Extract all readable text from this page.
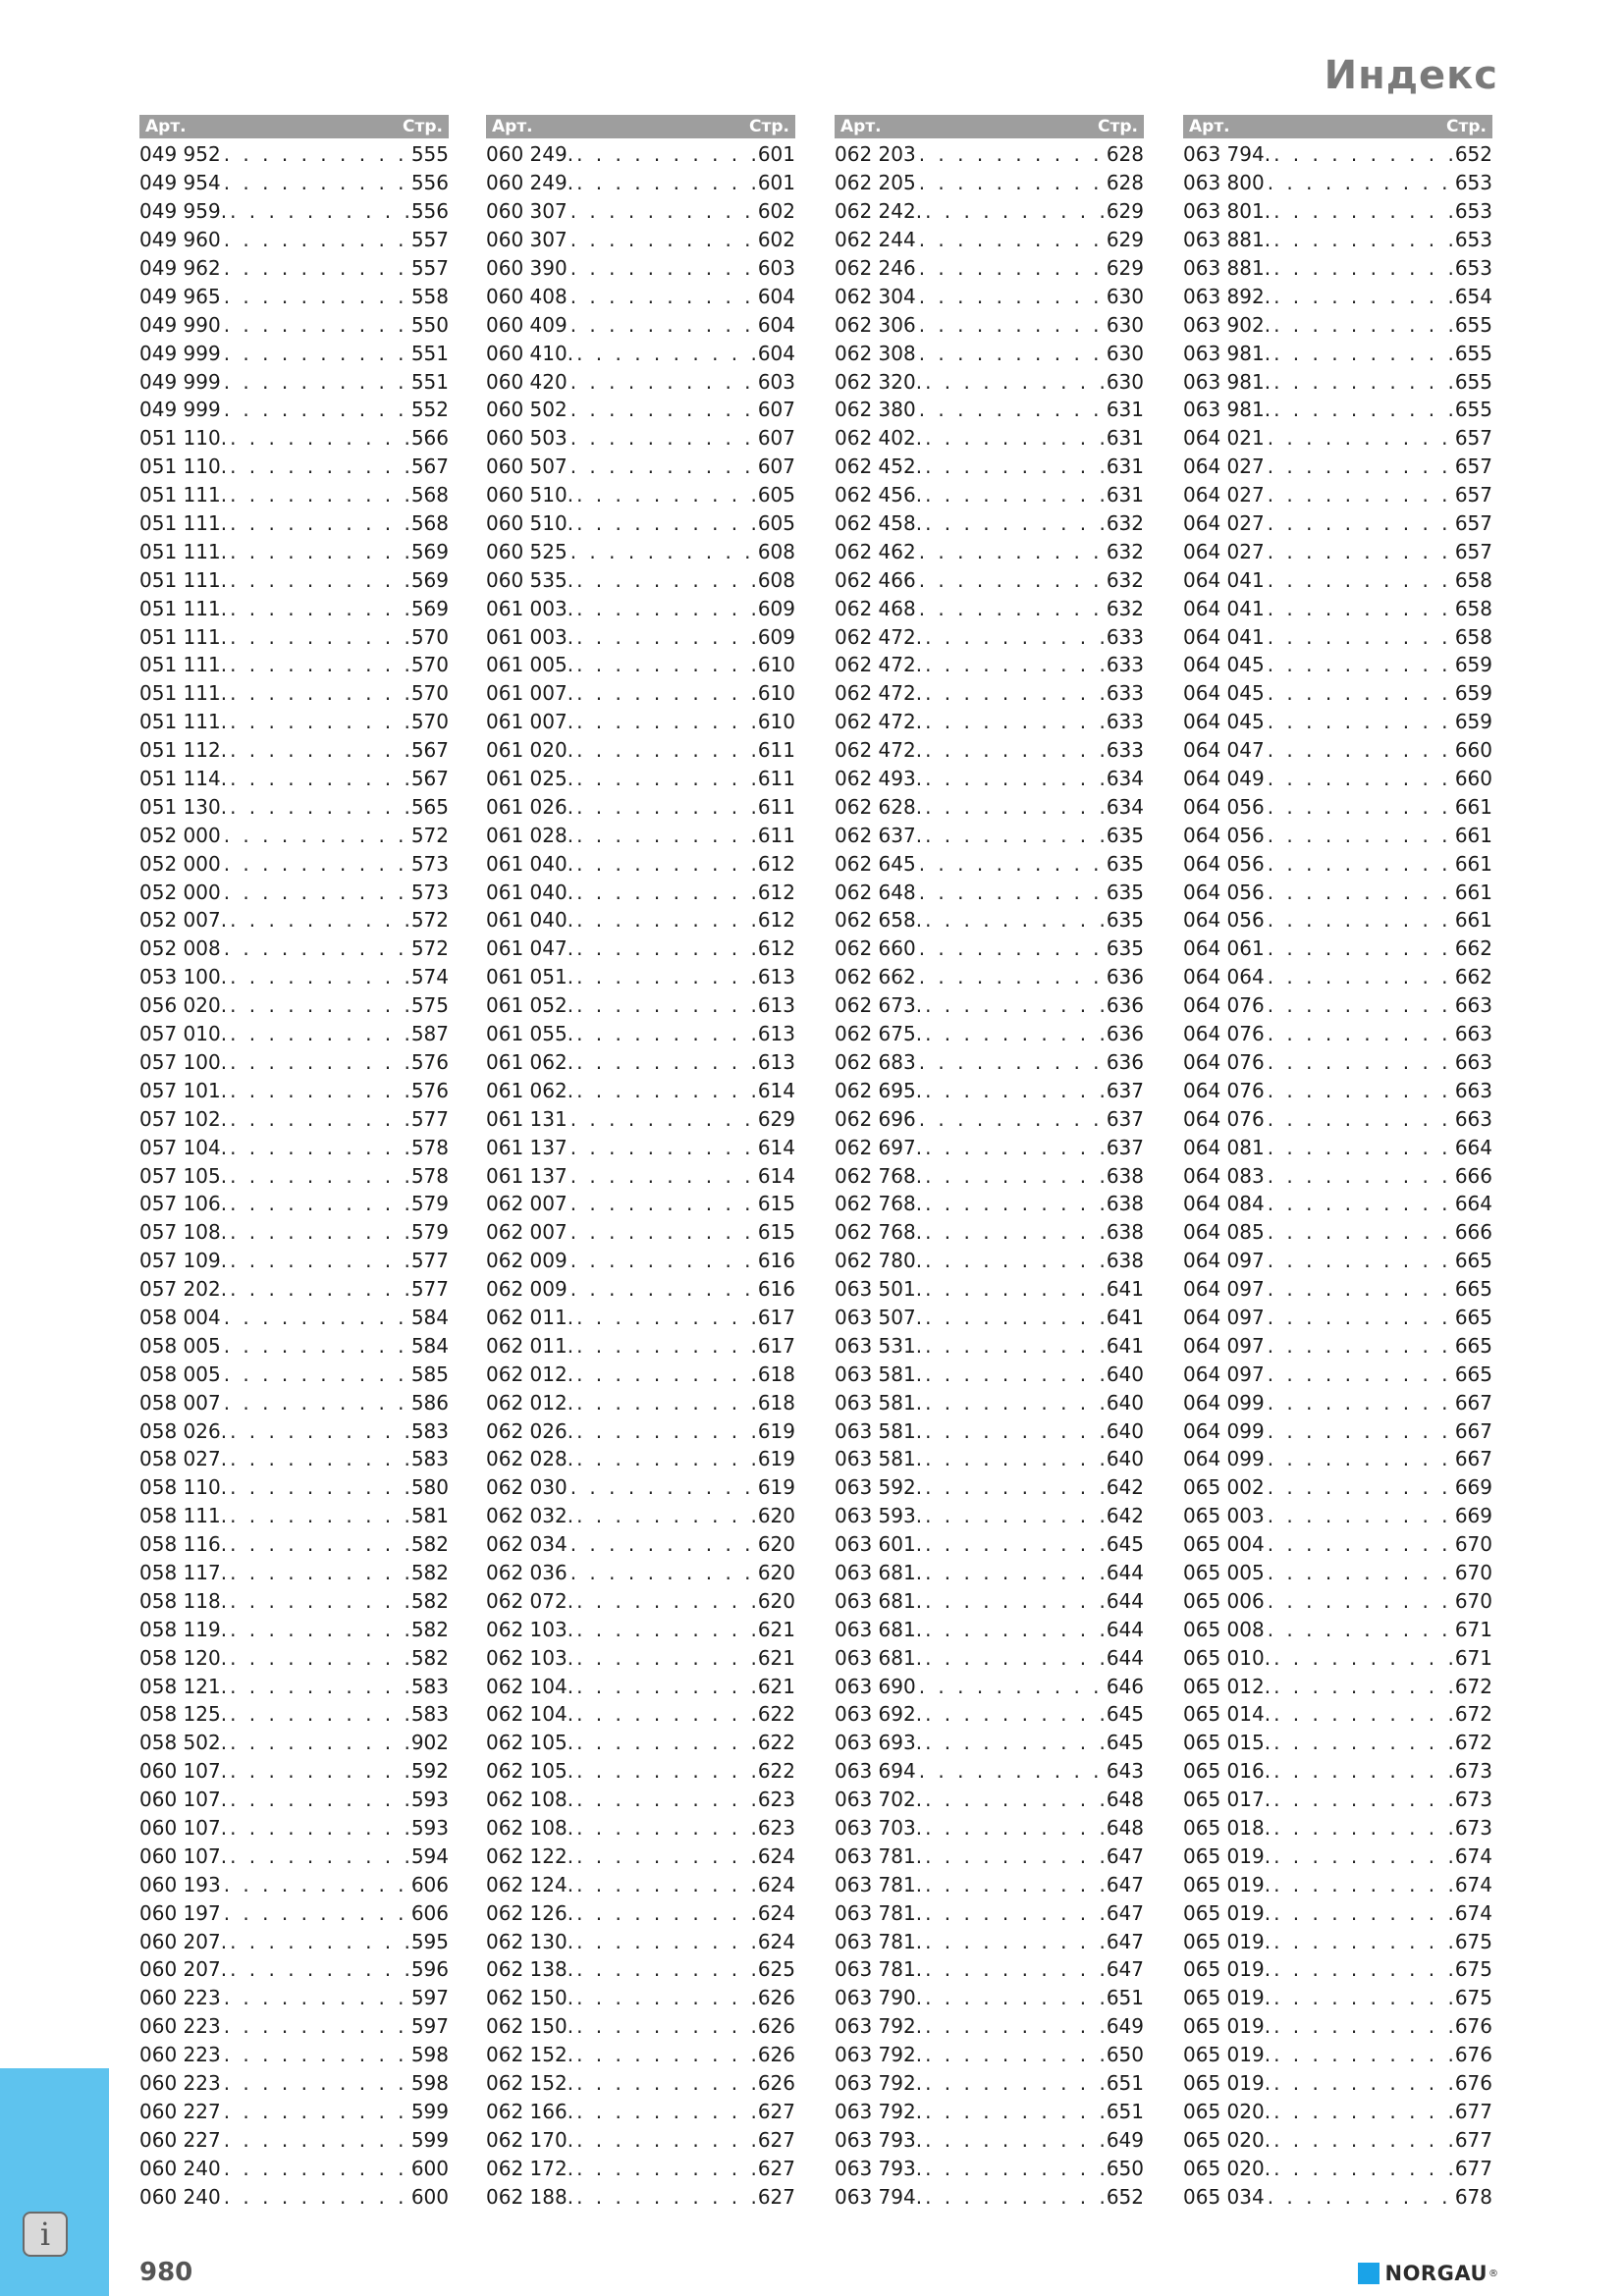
Индекс
Арт.	Стр.
049 952 . . .	555
049 954 . . .	556
049 959. . . .	556
049 960 . . .	557
049 962 . . .	557
049 965 . . .	558
049 990 . . .	550
049 999 . . .	551
049 999 . . .	551
049 999 . . .	552
051 110. . . .	566
051 110. . . .	567
051 111. . . .	568
051 111. . . .	568
051 111. . . .	569
051 111. . . .	569
051 111. . . .	569
051 111. . . .	570
051 111. . . .	570
051 111. . . .	570
051 111. . . .	570
051 112. . . .	567
051 114. . . .	567
051 130. . . .	565
052 000 . . .	572
052 000 . . .	573
052 000 . . .	573
052 007. . . .	572
052 008 . . .	572
053 100. . . .	574
056 020. . . .	575
057 010. . . .	587
057 100. . . .	576
057 101. . . .	576
057 102. . . .	577
057 104. . . .	578
057 105. . . .	578
057 106. . . .	579
057 108. . . .	579
057 109. . . .	577
057 202. . . .	577
058 004 . . .	584
058 005 . . .	584
058 005 . . .	585
058 007 . . .	586
058 026. . . .	583
058 027. . . .	583
058 110. . . .	580
058 111. . . .	581
058 116. . . .	582
058 117. . . .	582
058 118. . . .	582
058 119. . . .	582
058 120. . . .	582
058 121. . . .	583
058 125. . . .	583
058 502. . . .	902
060 107. . . .	592
060 107. . . .	593
060 107. . . .	593
060 107. . . .	594
060 193 . . .	606
060 197 . . .	606
060 207. . . .	595
060 207. . . .	596
060 223 . . .	597
060 223 . . .	597
060 223 . . .	598
060 223 . . .	598
060 227 . . .	599
060 227 . . .	599
060 240 . . .	600
060 240 . . .	600
Арт.	Стр.
060 249. . . .	601
060 249. . . .	601
060 307 . . .	602
060 307 . . .	602
060 390 . . .	603
060 408 . . .	604
060 409 . . .	604
060 410. . . .	604
060 420 . . .	603
060 502 . . .	607
060 503 . . .	607
060 507 . . .	607
060 510. . . .	605
060 510. . . .	605
060 525 . . .	608
060 535. . . .	608
061 003. . . .	609
061 003. . . .	609
061 005. . . .	610
061 007. . . .	610
061 007. . . .	610
061 020. . . .	611
061 025. . . .	611
061 026. . . .	611
061 028. . . .	611
061 040. . . .	612
061 040. . . .	612
061 040. . . .	612
061 047. . . .	612
061 051. . . .	613
061 052. . . .	613
061 055. . . .	613
061 062. . . .	613
061 062. . . .	614
061 131 . . .	629
061 137 . . .	614
061 137 . . .	614
062 007 . . .	615
062 007 . . .	615
062 009 . . .	616
062 009 . . .	616
062 011. . . .	617
062 011. . . .	617
062 012. . . .	618
062 012. . . .	618
062 026. . . .	619
062 028. . . .	619
062 030 . . .	619
062 032. . . .	620
062 034 . . .	620
062 036 . . .	620
062 072. . . .	620
062 103. . . .	621
062 103. . . .	621
062 104. . . .	621
062 104. . . .	622
062 105. . . .	622
062 105. . . .	622
062 108. . . .	623
062 108. . . .	623
062 122. . . .	624
062 124. . . .	624
062 126. . . .	624
062 130. . . .	624
062 138. . . .	625
062 150. . . .	626
062 150. . . .	626
062 152. . . .	626
062 152. . . .	626
062 166. . . .	627
062 170. . . .	627
062 172. . . .	627
062 188. . . .	627
Арт.	Стр.
062 203 . . .	628
062 205 . . .	628
062 242. . . .	629
062 244 . . .	629
062 246 . . .	629
062 304 . . .	630
062 306 . . .	630
062 308 . . .	630
062 320. . . .	630
062 380 . . .	631
062 402. . . .	631
062 452. . . .	631
062 456. . . .	631
062 458. . . .	632
062 462 . . .	632
062 466 . . .	632
062 468 . . .	632
062 472. . . .	633
062 472. . . .	633
062 472. . . .	633
062 472. . . .	633
062 472. . . .	633
062 493. . . .	634
062 628. . . .	634
062 637. . . .	635
062 645 . . .	635
062 648 . . .	635
062 658. . . .	635
062 660 . . .	635
062 662 . . .	636
062 673. . . .	636
062 675. . . .	636
062 683 . . .	636
062 695. . . .	637
062 696 . . .	637
062 697. . . .	637
062 768. . . .	638
062 768. . . .	638
062 768. . . .	638
062 780. . . .	638
063 501. . . .	641
063 507. . . .	641
063 531. . . .	641
063 581. . . .	640
063 581. . . .	640
063 581. . . .	640
063 581. . . .	640
063 592. . . .	642
063 593. . . .	642
063 601. . . .	645
063 681. . . .	644
063 681. . . .	644
063 681. . . .	644
063 681. . . .	644
063 690 . . .	646
063 692. . . .	645
063 693. . . .	645
063 694 . . .	643
063 702. . . .	648
063 703. . . .	648
063 781. . . .	647
063 781. . . .	647
063 781. . . .	647
063 781. . . .	647
063 781. . . .	647
063 790. . . .	651
063 792. . . .	649
063 792. . . .	650
063 792. . . .	651
063 792. . . .	651
063 793. . . .	649
063 793. . . .	650
063 794. . . .	652
Арт.	Стр.
063 794. . . .	652
063 800 . . .	653
063 801. . . .	653
063 881. . . .	653
063 881. . . .	653
063 892. . . .	654
063 902. . . .	655
063 981. . . .	655
063 981. . . .	655
063 981. . . .	655
064 021 . . .	657
064 027 . . .	657
064 027 . . .	657
064 027 . . .	657
064 027 . . .	657
064 041 . . .	658
064 041 . . .	658
064 041 . . .	658
064 045 . . .	659
064 045 . . .	659
064 045 . . .	659
064 047 . . .	660
064 049 . . .	660
064 056 . . .	661
064 056 . . .	661
064 056 . . .	661
064 056 . . .	661
064 056 . . .	661
064 061 . . .	662
064 064 . . .	662
064 076 . . .	663
064 076 . . .	663
064 076 . . .	663
064 076 . . .	663
064 076 . . .	663
064 081 . . .	664
064 083 . . .	666
064 084 . . .	664
064 085 . . .	666
064 097 . . .	665
064 097 . . .	665
064 097 . . .	665
064 097 . . .	665
064 097 . . .	665
064 099 . . .	667
064 099 . . .	667
064 099 . . .	667
065 002 . . .	669
065 003 . . .	669
065 004 . . .	670
065 005 . . .	670
065 006 . . .	670
065 008 . . .	671
065 010. . . .	671
065 012. . . .	672
065 014. . . .	672
065 015. . . .	672
065 016. . . .	673
065 017. . . .	673
065 018. . . .	673
065 019. . . .	674
065 019. . . .	674
065 019. . . .	674
065 019. . . .	675
065 019. . . .	675
065 019. . . .	675
065 019. . . .	676
065 019. . . .	676
065 019. . . .	676
065 020. . . .	677
065 020. . . .	677
065 020. . . .	677
065 034 . . .	678
i
980	NORGAU ®
